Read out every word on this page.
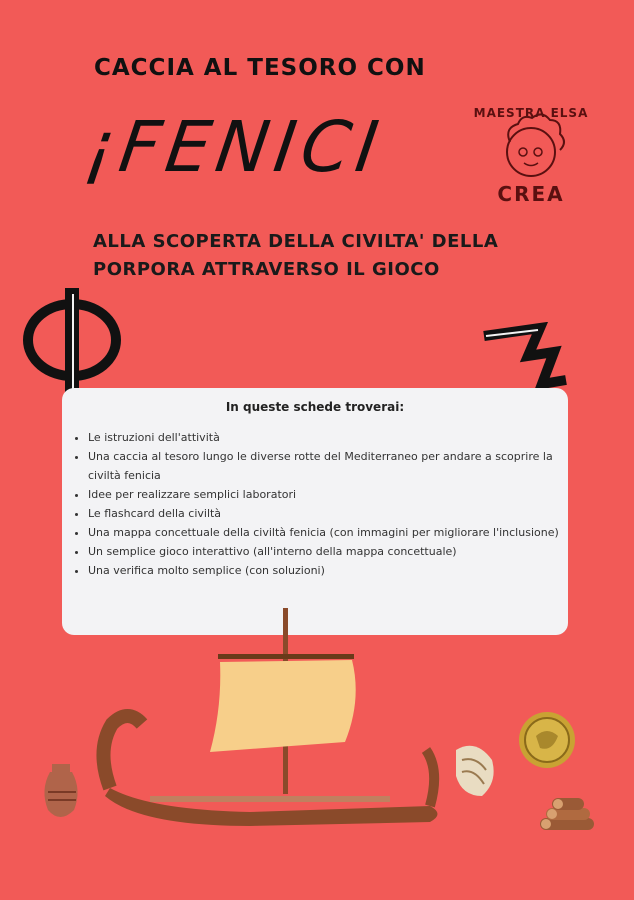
CACCIA AL TESORO CON
¡FENICI
ALLA SCOPERTA DELLA CIVILTA' DELLA PORPORA ATTRAVERSO IL GIOCO
MAESTRA ELSA
CREA
In queste schede troverai:
• Le istruzioni dell'attività
• Una caccia al tesoro lungo le diverse rotte del Mediterraneo per andare a scoprire la civiltà fenicia
• Idee per realizzare semplici laboratori
• Le flashcard della civiltà
• Una mappa concettuale della civiltà fenicia (con immagini per migliorare l'inclusione)
• Un semplice gioco interattivo (all'interno della mappa concettuale)
• Una verifica molto semplice (con soluzioni)
